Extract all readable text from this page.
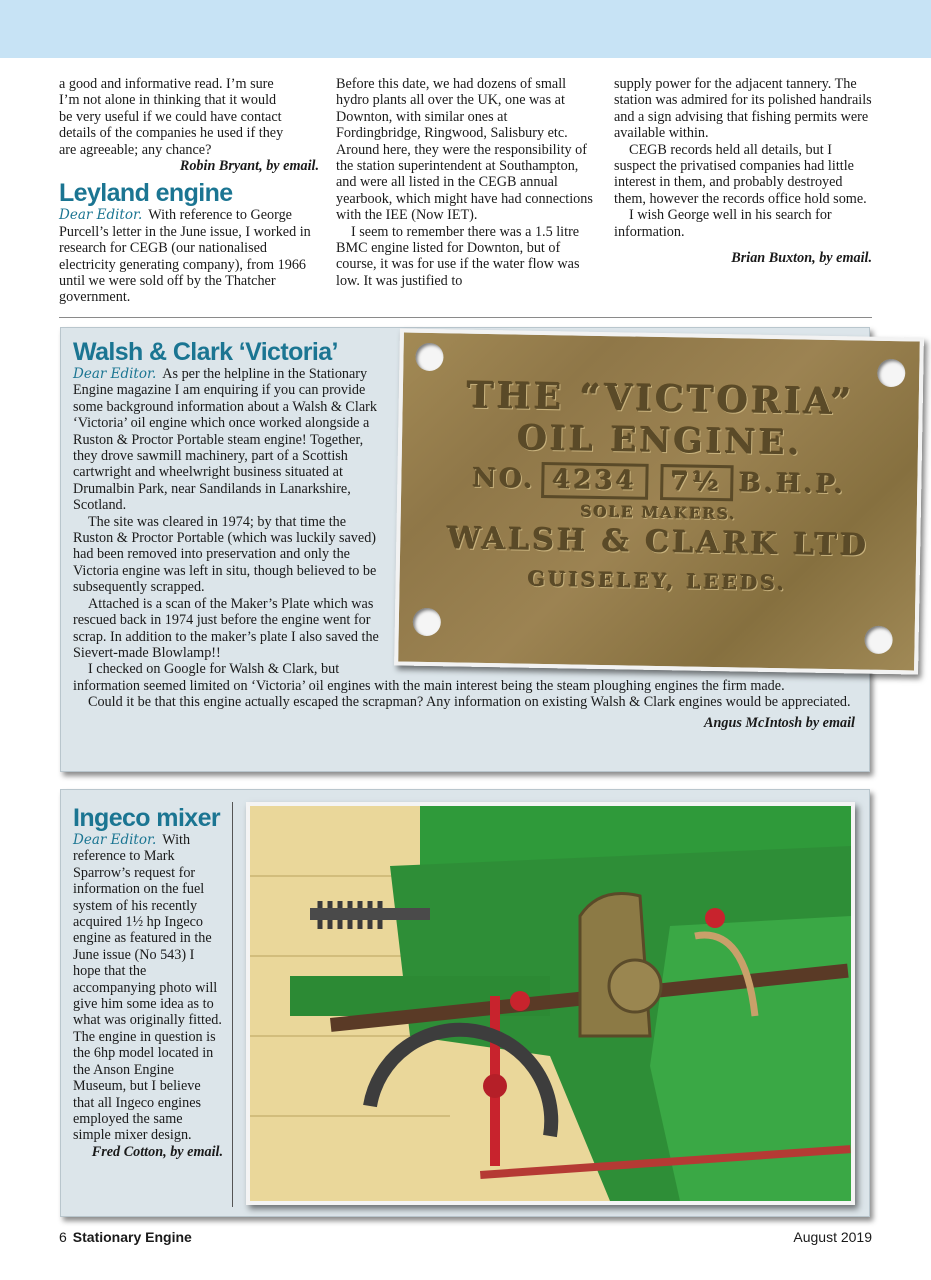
a good and informative read. I’m sure

I’m not alone in thinking that it would

be very useful if we could have contact

details of the companies he used if they

are agreeable; any chance?

Robin Bryant, by email.

Leyland engine

Dear Editor. With reference to George Purcell’s letter in the June issue, I worked in research for CEGB (our nationalised electricity generating company), from 1966 until we were sold off by the Thatcher government.

Before this date, we had dozens of small hydro plants all over the UK, one was at Downton, with similar ones at Fordingbridge, Ringwood, Salisbury etc. Around here, they were the responsibility of the station superintendent at Southampton, and were all listed in the CEGB annual yearbook, which might have had connections with the IEE (Now IET).

I seem to remember there was a 1.5 litre BMC engine listed for Downton, but of course, it was for use if the water flow was low. It was justified to

supply power for the adjacent tannery. The station was admired for its polished handrails and a sign advising that fishing permits were available within.

CEGB records held all details, but I suspect the privatised companies had little interest in them, and probably destroyed them, however the records office hold some.

I wish George well in his search for information.

Brian Buxton, by email.

Walsh & Clark ‘Victoria’

Dear Editor. As per the helpline in the Stationary Engine magazine I am enquiring if you can provide some background information about a Walsh & Clark ‘Victoria’ oil engine which once worked alongside a Ruston & Proctor Portable steam engine! Together, they drove sawmill machinery, part of a Scottish cartwright and wheelwright business situated at Drumalbin Park, near Sandilands in Lanarkshire, Scotland.

The site was cleared in 1974; by that time the Ruston & Proctor Portable (which was luckily saved) had been removed into preservation and only the Victoria engine was left in situ, though believed to be subsequently scrapped.

Attached is a scan of the Maker’s Plate which was rescued back in 1974 just before the engine went for scrap. In addition to the maker’s plate I also saved the Sievert-made Blowlamp!!

I checked on Google for Walsh & Clark, but information seemed limited on ‘Victoria’ oil engines with the main interest being the steam ploughing engines the firm made.

Could it be that this engine actually escaped the scrapman? Any information on existing Walsh & Clark engines would be appreciated.

Angus McIntosh by email

THE “VICTORIA”
OIL ENGINE.
NO. 4234 7½ B.H.P.
SOLE MAKERS.
WALSH & CLARK LTD
GUISELEY, LEEDS.
Ingeco mixer

Dear Editor. With reference to Mark Sparrow’s request for information on the fuel system of his recently acquired 1½ hp Ingeco engine as featured in the June issue (No 543) I hope that the accompanying photo will give him some idea as to what was originally fitted. The engine in question is the 6hp model located in the Anson Engine Museum, but I believe that all Ingeco engines employed the same simple mixer design.

Fred Cotton, by email.

6 Stationary Engine	August 2019
